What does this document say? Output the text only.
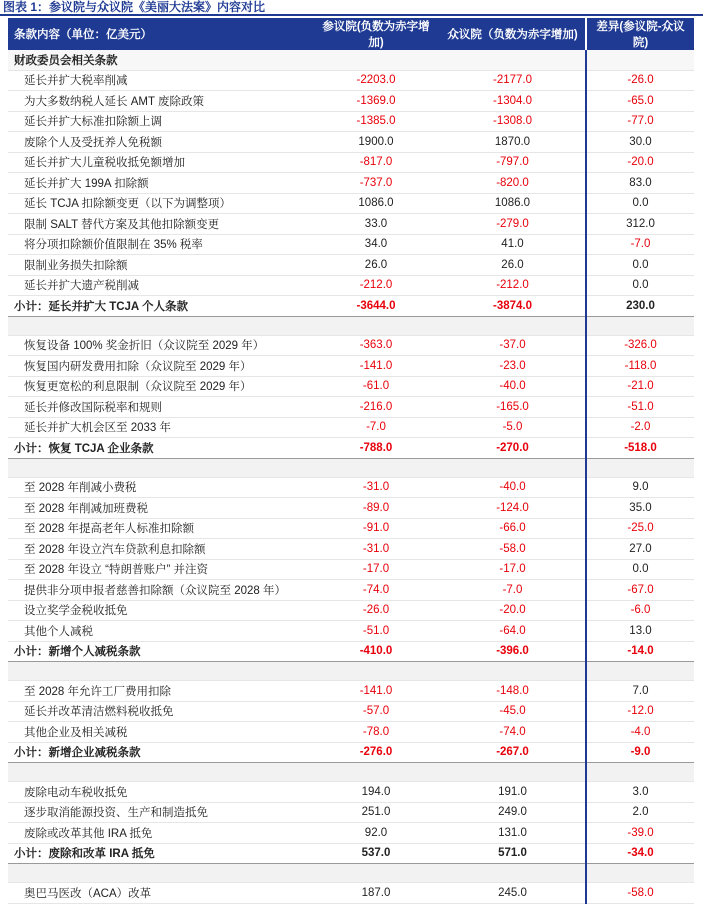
图表 1：参议院与众议院《美丽大法案》内容对比
条款内容（单位：亿美元）	参议院(负数为赤字增加)	众议院（负数为赤字增加)	差异(参议院-众议院)
财政委员会相关条款			
延长并扩大税率削减	-2203.0	-2177.0	-26.0
为大多数纳税人延长 AMT 废除政策	-1369.0	-1304.0	-65.0
延长并扩大标准扣除额上调	-1385.0	-1308.0	-77.0
废除个人及受抚养人免税额	1900.0	1870.0	30.0
延长并扩大儿童税收抵免额增加	-817.0	-797.0	-20.0
延长并扩大 199A 扣除额	-737.0	-820.0	83.0
延长 TCJA 扣除额变更（以下为调整项）	1086.0	1086.0	0.0
限制 SALT 替代方案及其他扣除额变更	33.0	-279.0	312.0
将分项扣除额价值限制在 35% 税率	34.0	41.0	-7.0
限制业务损失扣除额	26.0	26.0	0.0
延长并扩大遗产税削减	-212.0	-212.0	0.0
小计：延长并扩大 TCJA 个人条款	-3644.0	-3874.0	230.0

恢复设备 100% 奖金折旧（众议院至 2029 年）	-363.0	-37.0	-326.0
恢复国内研发费用扣除（众议院至 2029 年）	-141.0	-23.0	-118.0
恢复更宽松的利息限制（众议院至 2029 年）	-61.0	-40.0	-21.0
延长并修改国际税率和规则	-216.0	-165.0	-51.0
延长并扩大机会区至 2033 年	-7.0	-5.0	-2.0
小计：恢复 TCJA 企业条款	-788.0	-270.0	-518.0

至 2028 年削减小费税	-31.0	-40.0	9.0
至 2028 年削减加班费税	-89.0	-124.0	35.0
至 2028 年提高老年人标准扣除额	-91.0	-66.0	-25.0
至 2028 年设立汽车贷款利息扣除额	-31.0	-58.0	27.0
至 2028 年设立 “特朗普账户” 并注资	-17.0	-17.0	0.0
提供非分项申报者慈善扣除额（众议院至 2028 年）	-74.0	-7.0	-67.0
设立奖学金税收抵免	-26.0	-20.0	-6.0
其他个人减税	-51.0	-64.0	13.0
小计：新增个人减税条款	-410.0	-396.0	-14.0

至 2028 年允许工厂费用扣除	-141.0	-148.0	7.0
延长并改革清洁燃料税收抵免	-57.0	-45.0	-12.0
其他企业及相关减税	-78.0	-74.0	-4.0
小计：新增企业减税条款	-276.0	-267.0	-9.0

废除电动车税收抵免	194.0	191.0	3.0
逐步取消能源投资、生产和制造抵免	251.0	249.0	2.0
废除或改革其他 IRA 抵免	92.0	131.0	-39.0
小计：废除和改革 IRA 抵免	537.0	571.0	-34.0

奥巴马医改（ACA）改革	187.0	245.0	-58.0
